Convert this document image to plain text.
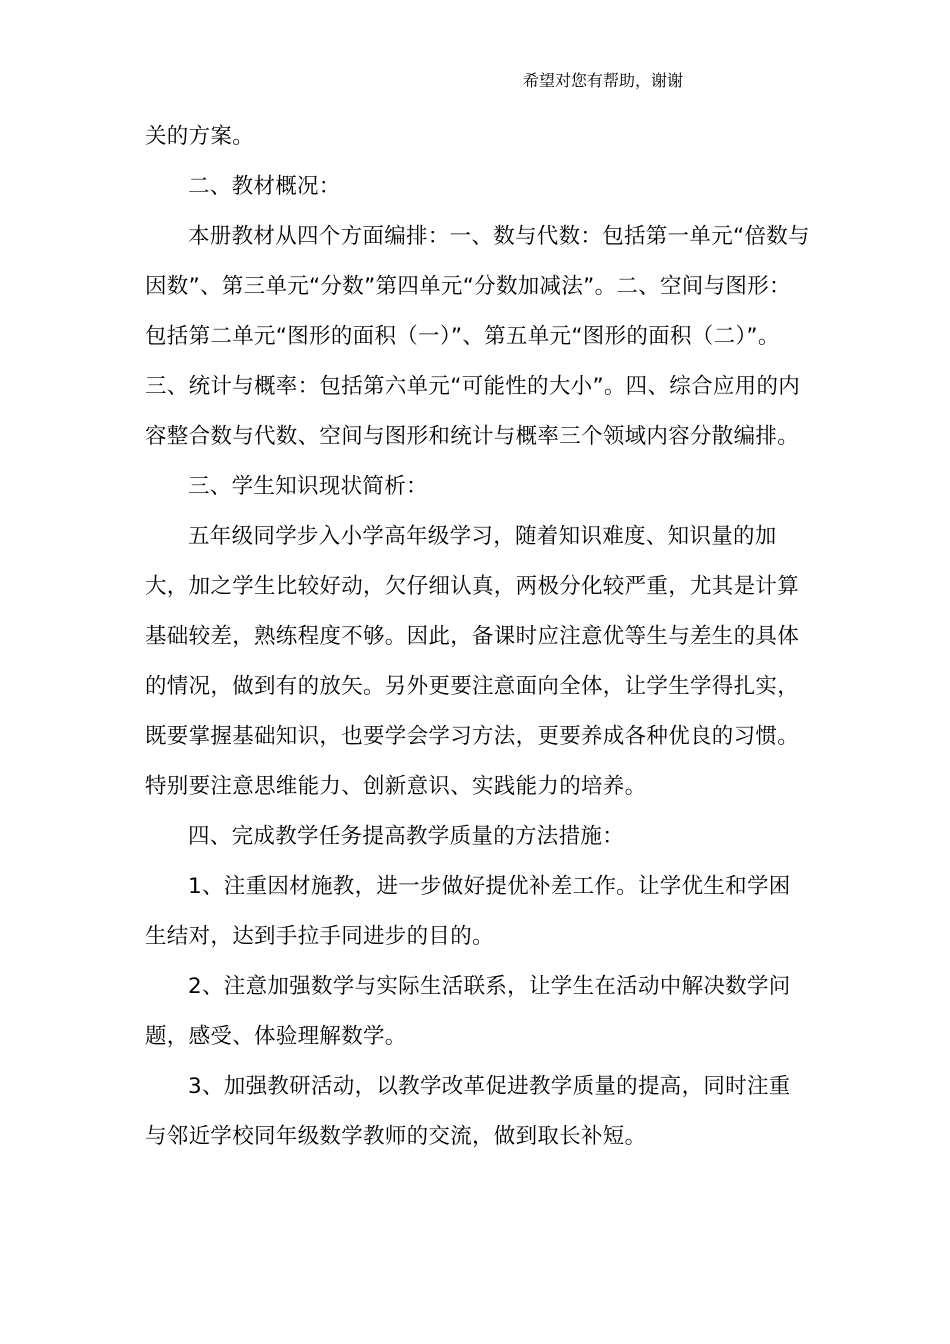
希望对您有帮助，谢谢

关的方案。

二、教材概况：

本册教材从四个方面编排：一、数与代数：包括第一单元“倍数与因数”、第三单元“分数”第四单元“分数加减法”。二、空间与图形：包括第二单元“图形的面积（一）”、第五单元“图形的面积（二）”。三、统计与概率：包括第六单元“可能性的大小”。四、综合应用的内容整合数与代数、空间与图形和统计与概率三个领域内容分散编排。

三、学生知识现状简析：

五年级同学步入小学高年级学习，随着知识难度、知识量的加大，加之学生比较好动，欠仔细认真，两极分化较严重，尤其是计算基础较差，熟练程度不够。因此，备课时应注意优等生与差生的具体的情况，做到有的放矢。另外更要注意面向全体，让学生学得扎实，既要掌握基础知识，也要学会学习方法，更要养成各种优良的习惯。特别要注意思维能力、创新意识、实践能力的培养。

四、完成教学任务提高教学质量的方法措施：

1、注重因材施教，进一步做好提优补差工作。让学优生和学困生结对，达到手拉手同进步的目的。

2、注意加强数学与实际生活联系，让学生在活动中解决数学问题，感受、体验理解数学。

3、加强教研活动，以教学改革促进教学质量的提高，同时注重与邻近学校同年级数学教师的交流，做到取长补短。
